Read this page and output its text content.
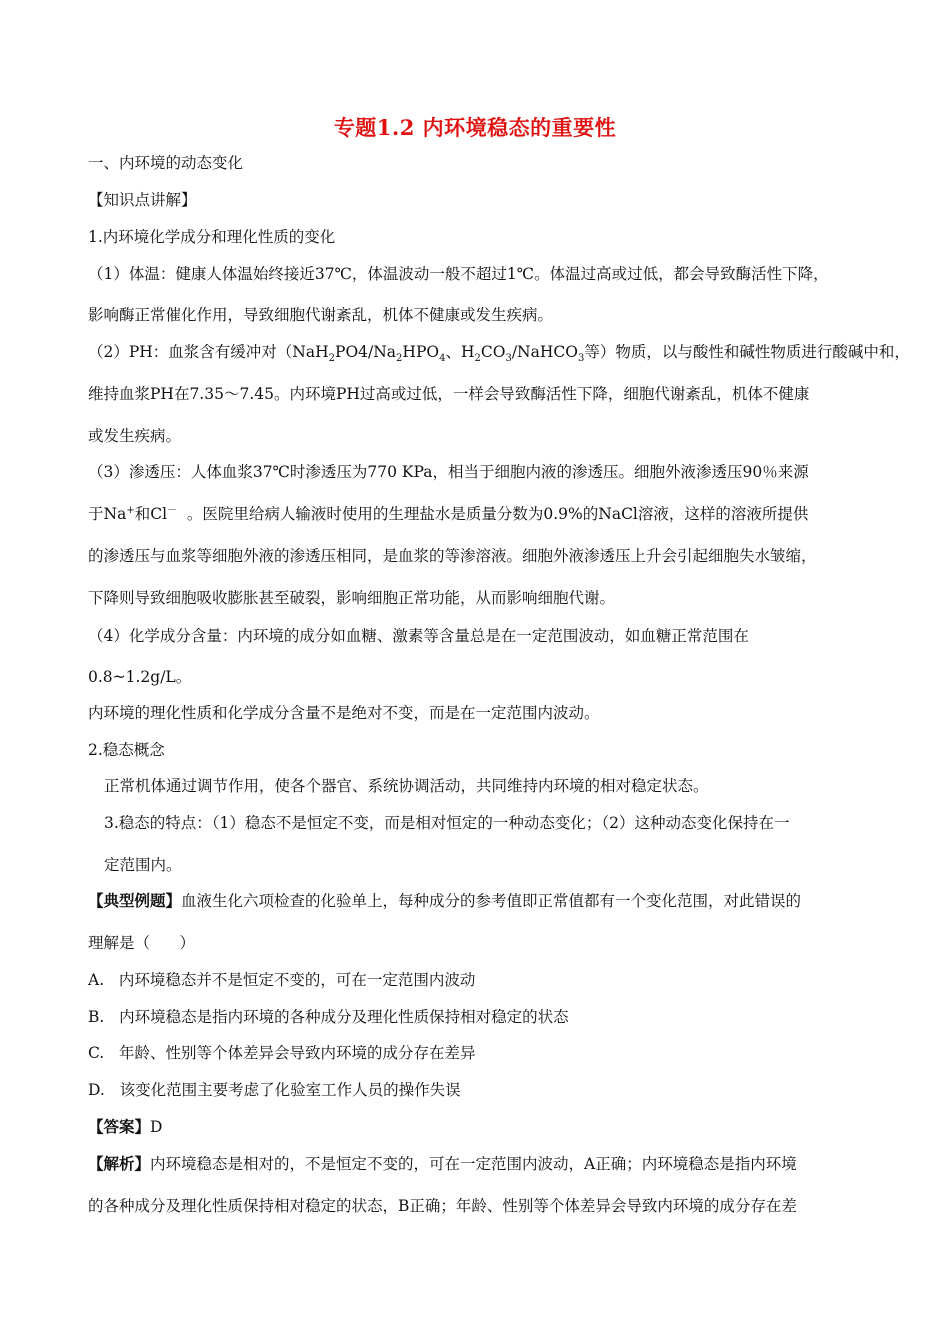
专题1.2 内环境稳态的重要性
一、内环境的动态变化
【知识点讲解】
1.内环境化学成分和理化性质的变化
（1）体温：健康人体温始终接近37℃，体温波动一般不超过1℃。体温过高或过低，都会导致酶活性下降，
影响酶正常催化作用，导致细胞代谢紊乱，机体不健康或发生疾病。
（2）PH：血浆含有缓冲对（$NaH_2PO4/Na_2HPO_4$、$H_2CO_3/NaHCO_3$等）物质，以与酸性和碱性物质进行酸碱中和，
维持血浆PH在7.35～7.45。内环境PH过高或过低，一样会导致酶活性下降，细胞代谢紊乱，机体不健康
或发生疾病。
（3）渗透压：人体血浆37℃时渗透压为770 KPa，相当于细胞内液的渗透压。细胞外液渗透压90％来源
于Na+和Cl－  。医院里给病人输液时使用的生理盐水是质量分数为0.9%的NaCl溶液，这样的溶液所提供
的渗透压与血浆等细胞外液的渗透压相同，是血浆的等渗溶液。细胞外液渗透压上升会引起细胞失水皱缩，
下降则导致细胞吸收膨胀甚至破裂，影响细胞正常功能，从而影响细胞代谢。
（4）化学成分含量：内环境的成分如血糖、激素等含量总是在一定范围波动，如血糖正常范围在
0.8~1.2g/L。
内环境的理化性质和化学成分含量不是绝对不变，而是在一定范围内波动。
2.稳态概念
正常机体通过调节作用，使各个器官、系统协调活动，共同维持内环境的相对稳定状态。
3.稳态的特点：（1）稳态不是恒定不变，而是相对恒定的一种动态变化；（2）这种动态变化保持在一
定范围内。
【典型例题】血液生化六项检查的化验单上，每种成分的参考值即正常值都有一个变化范围，对此错误的
理解是（      ）
A.   内环境稳态并不是恒定不变的，可在一定范围内波动
B.   内环境稳态是指内环境的各种成分及理化性质保持相对稳定的状态
C.   年龄、性别等个体差异会导致内环境的成分存在差异
D.   该变化范围主要考虑了化验室工作人员的操作失误
【答案】D
【解析】内环境稳态是相对的，不是恒定不变的，可在一定范围内波动，A正确；内环境稳态是指内环境
的各种成分及理化性质保持相对稳定的状态，B正确；年龄、性别等个体差异会导致内环境的成分存在差
